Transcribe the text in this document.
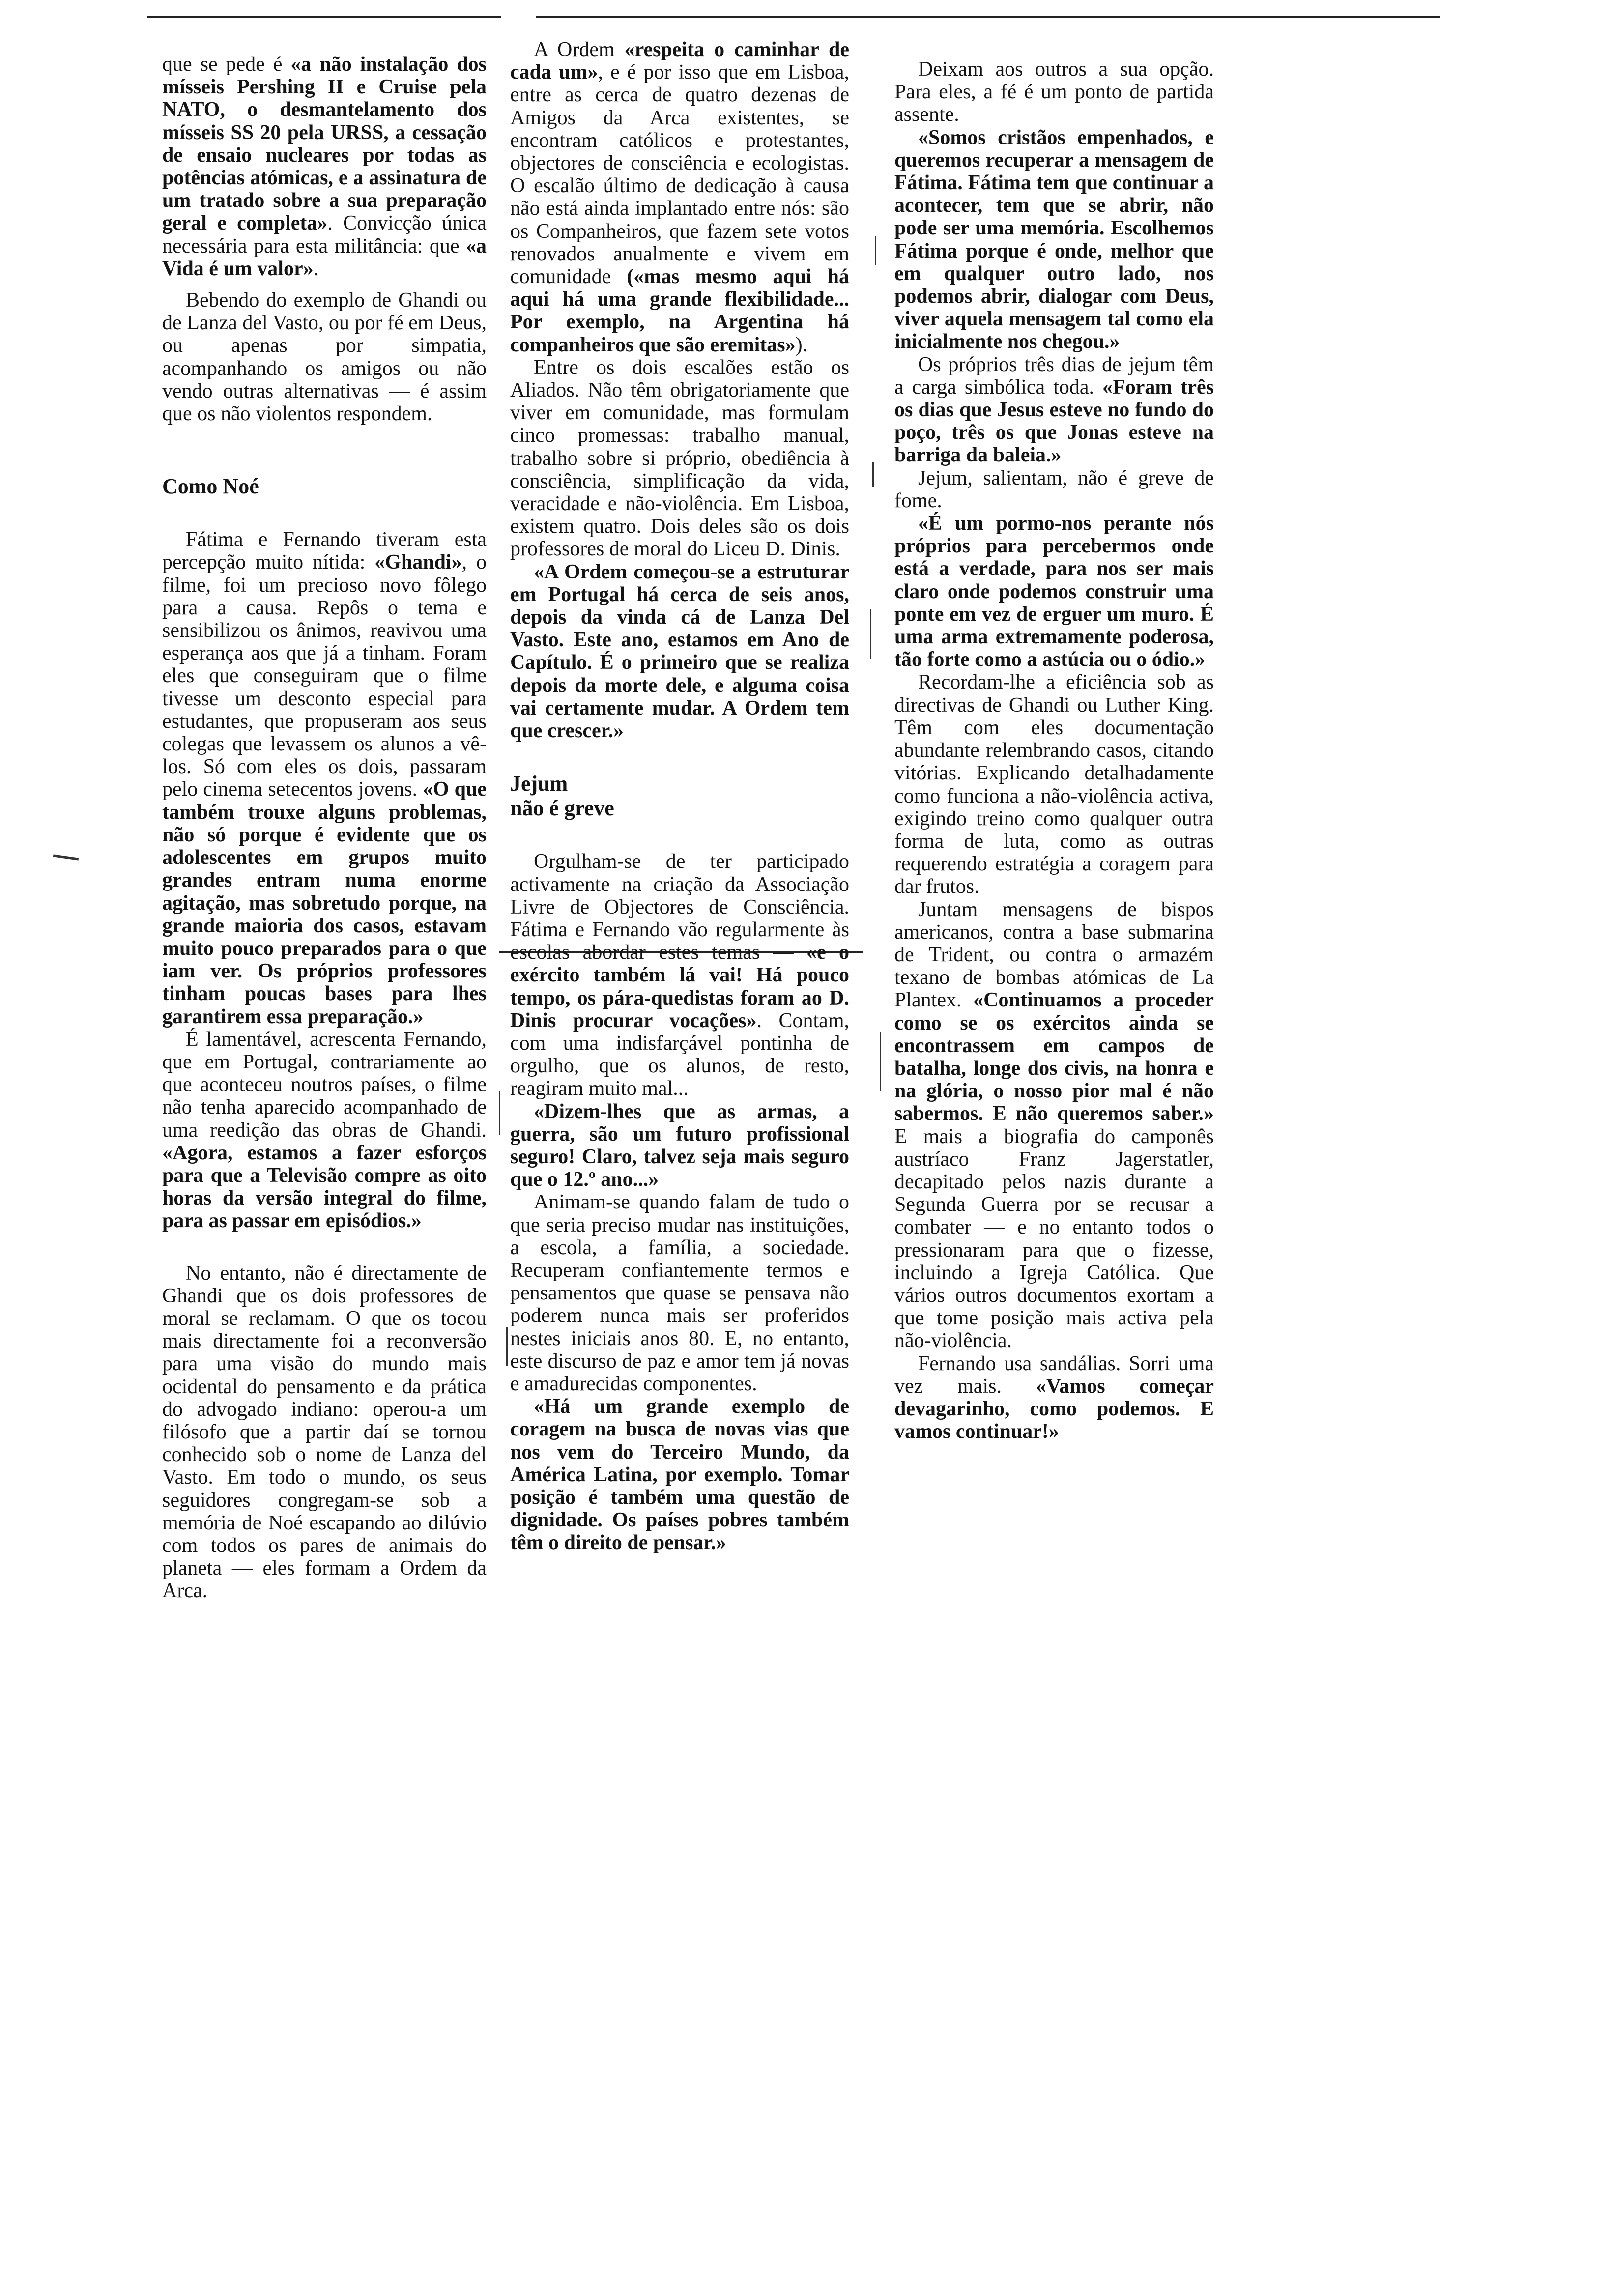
que se pede é «a não instalação dos mísseis Pershing II e Cruise pela NATO, o desmantelamento dos mísseis SS 20 pela URSS, a cessação de ensaio nucleares por todas as potências atómicas, e a assinatura de um tratado sobre a sua preparação geral e completa». Convicção única necessária para esta militância: que «a Vida é um valor».

Bebendo do exemplo de Ghandi ou de Lanza del Vasto, ou por fé em Deus, ou apenas por simpatia, acompanhando os amigos ou não vendo outras alternativas — é assim que os não violentos respondem.

Como Noé

Fátima e Fernando tiveram esta percepção muito nítida: «Ghandi», o filme, foi um precioso novo fôlego para a causa. Repôs o tema e sensibilizou os ânimos, reavivou uma esperança aos que já a tinham. Foram eles que conseguiram que o filme tivesse um desconto especial para estudantes, que propuseram aos seus colegas que levassem os alunos a vê-los. Só com eles os dois, passaram pelo cinema setecentos jovens. «O que também trouxe alguns problemas, não só porque é evidente que os adolescentes em grupos muito grandes entram numa enorme agitação, mas sobretudo porque, na grande maioria dos casos, estavam muito pouco preparados para o que iam ver. Os próprios professores tinham poucas bases para lhes garantirem essa preparação.»

É lamentável, acrescenta Fernando, que em Portugal, contrariamente ao que aconteceu noutros países, o filme não tenha aparecido acompanhado de uma reedição das obras de Ghandi. «Agora, estamos a fazer esforços para que a Televisão compre as oito horas da versão integral do filme, para as passar em episódios.»

No entanto, não é directamente de Ghandi que os dois professores de moral se reclamam. O que os tocou mais directamente foi a reconversão para uma visão do mundo mais ocidental do pensamento e da prática do advogado indiano: operou-a um filósofo que a partir daí se tornou conhecido sob o nome de Lanza del Vasto. Em todo o mundo, os seus seguidores congregam-se sob a memória de Noé escapando ao dilúvio com todos os pares de animais do planeta — eles formam a Ordem da Arca.

A Ordem «respeita o caminhar de cada um», e é por isso que em Lisboa, entre as cerca de quatro dezenas de Amigos da Arca existentes, se encontram católicos e protestantes, objectores de consciência e ecologistas. O escalão último de dedicação à causa não está ainda implantado entre nós: são os Companheiros, que fazem sete votos renovados anualmente e vivem em comunidade («mas mesmo aqui há aqui há uma grande flexibilidade... Por exemplo, na Argentina há companheiros que são eremitas»).

Entre os dois escalões estão os Aliados. Não têm obrigatoriamente que viver em comunidade, mas formulam cinco promessas: trabalho manual, trabalho sobre si próprio, obediência à consciência, simplificação da vida, veracidade e não-violência. Em Lisboa, existem quatro. Dois deles são os dois professores de moral do Liceu D. Dinis.

«A Ordem começou-se a estruturar em Portugal há cerca de seis anos, depois da vinda cá de Lanza Del Vasto. Este ano, estamos em Ano de Capítulo. É o primeiro que se realiza depois da morte dele, e alguma coisa vai certamente mudar. A Ordem tem que crescer.»

Jejum
não é greve

Orgulham-se de ter participado activamente na criação da Associação Livre de Objectores de Consciência. Fátima e Fernando vão regularmente às escolas abordar estes temas — «e o exército também lá vai! Há pouco tempo, os pára-quedistas foram ao D. Dinis procurar vocações». Contam, com uma indisfarçável pontinha de orgulho, que os alunos, de resto, reagiram muito mal...

«Dizem-lhes que as armas, a guerra, são um futuro profissional seguro! Claro, talvez seja mais seguro que o 12.º ano...»

Animam-se quando falam de tudo o que seria preciso mudar nas instituições, a escola, a família, a sociedade. Recuperam confiantemente termos e pensamentos que quase se pensava não poderem nunca mais ser proferidos nestes iniciais anos 80. E, no entanto, este discurso de paz e amor tem já novas e amadurecidas componentes.

«Há um grande exemplo de coragem na busca de novas vias que nos vem do Terceiro Mundo, da América Latina, por exemplo. Tomar posição é também uma questão de dignidade. Os países pobres também têm o direito de pensar.»

Deixam aos outros a sua opção. Para eles, a fé é um ponto de partida assente.

«Somos cristãos empenhados, e queremos recuperar a mensagem de Fátima. Fátima tem que continuar a acontecer, tem que se abrir, não pode ser uma memória. Escolhemos Fátima porque é onde, melhor que em qualquer outro lado, nos podemos abrir, dialogar com Deus, viver aquela mensagem tal como ela inicialmente nos chegou.»

Os próprios três dias de jejum têm a carga simbólica toda. «Foram três os dias que Jesus esteve no fundo do poço, três os que Jonas esteve na barriga da baleia.»

Jejum, salientam, não é greve de fome.

«É um pormo-nos perante nós próprios para percebermos onde está a verdade, para nos ser mais claro onde podemos construir uma ponte em vez de erguer um muro. É uma arma extremamente poderosa, tão forte como a astúcia ou o ódio.»

Recordam-lhe a eficiência sob as directivas de Ghandi ou Luther King. Têm com eles documentação abundante relembrando casos, citando vitórias. Explicando detalhadamente como funciona a não-violência activa, exigindo treino como qualquer outra forma de luta, como as outras requerendo estratégia a coragem para dar frutos.

Juntam mensagens de bispos americanos, contra a base submarina de Trident, ou contra o armazém texano de bombas atómicas de La Plantex. «Continuamos a proceder como se os exércitos ainda se encontrassem em campos de batalha, longe dos civis, na honra e na glória, o nosso pior mal é não sabermos. E não queremos saber.» E mais a biografia do camponês austríaco Franz Jagerstatler, decapitado pelos nazis durante a Segunda Guerra por se recusar a combater — e no entanto todos o pressionaram para que o fizesse, incluindo a Igreja Católica. Que vários outros documentos exortam a que tome posição mais activa pela não-violência.

Fernando usa sandálias. Sorri uma vez mais. «Vamos começar devagarinho, como podemos. E vamos continuar!»
